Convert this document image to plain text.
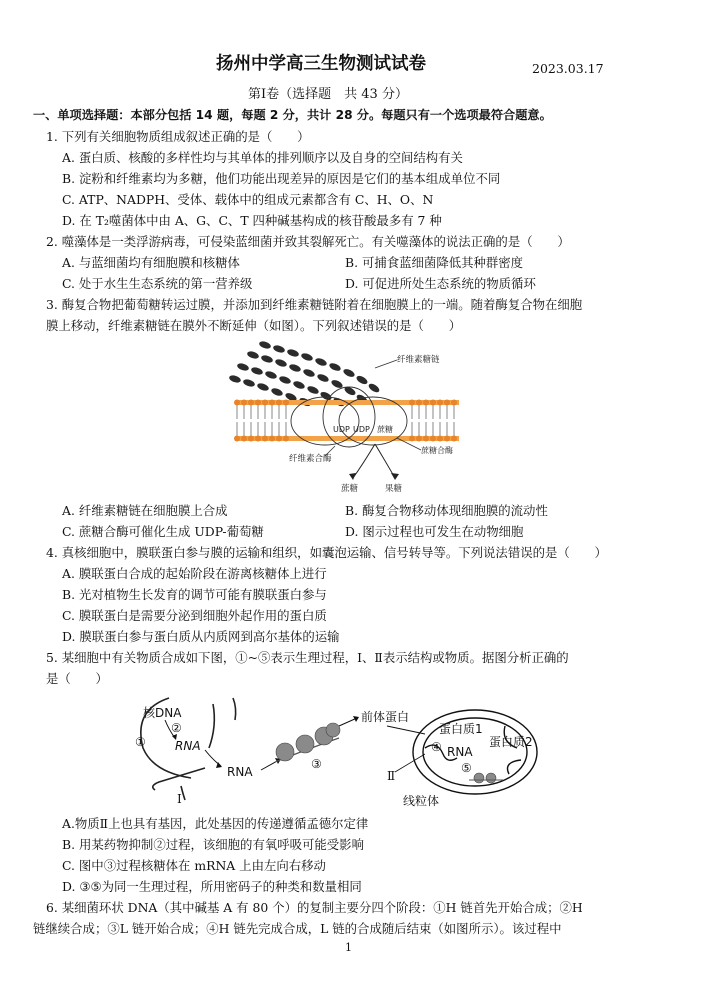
扬州中学高三生物测试试卷	2023.03.17
第Ⅰ卷（选择题　共 43 分）
一、单项选择题：本部分包括 14 题，每题 2 分，共计 28 分。每题只有一个选项最符合题意。
1. 下列有关细胞物质组成叙述正确的是（　　）
A. 蛋白质、核酸的多样性均与其单体的排列顺序以及自身的空间结构有关
B. 淀粉和纤维素均为多糖，他们功能出现差异的原因是它们的基本组成单位不同
C. ATP、NADPH、受体、载体中的组成元素都含有 C、H、O、N
D. 在 T₂噬菌体中由 A、G、C、T 四种碱基构成的核苷酸最多有 7 种
2. 噬藻体是一类浮游病毒，可侵染蓝细菌并致其裂解死亡。有关噬藻体的说法正确的是（　　）
A. 与蓝细菌均有细胞膜和核糖体	B. 可捕食蓝细菌降低其种群密度
C. 处于水生生态系统的第一营养级	D. 可促进所处生态系统的物质循环
3. 酶复合物把葡萄糖转运过膜，并添加到纤维素糖链附着在细胞膜上的一端。随着酶复合物在细胞
膜上移动，纤维素糖链在膜外不断延伸（如图）。下列叙述错误的是（　　）
纤维素糖链
UDP UDP 蔗糖
蔗糖合酶
纤维素合酶
蔗糖	果糖
A. 纤维素糖链在细胞膜上合成	B. 酶复合物移动体现细胞膜的流动性
C. 蔗糖合酶可催化生成 UDP-葡萄糖	D. 图示过程也可发生在动物细胞
4. 真核细胞中，膜联蛋白参与膜的运输和组织，如囊泡运输、信号转导等。下列说法错误的是（　　）
A. 膜联蛋白合成的起始阶段在游离核糖体上进行
B. 光对植物生长发育的调节可能有膜联蛋白参与
C. 膜联蛋白是需要分泌到细胞外起作用的蛋白质
D. 膜联蛋白参与蛋白质从内质网到高尔基体的运输
5. 某细胞中有关物质合成如下图，①~⑤表示生理过程，Ⅰ、Ⅱ表示结构或物质。据图分析正确的
是（　　）
核DNA
①
②
RNA
RNA
Ⅰ
③
前体蛋白
蛋白质1
④ RNA
蛋白质2
⑤
Ⅱ
线粒体
A.物质Ⅱ上也具有基因，此处基因的传递遵循孟德尔定律
B. 用某药物抑制②过程，该细胞的有氧呼吸可能受影响
C. 图中③过程核糖体在 mRNA 上由左向右移动
D. ③⑤为同一生理过程，所用密码子的种类和数量相同
6. 某细菌环状 DNA（其中碱基 A 有 80 个）的复制主要分四个阶段：①H 链首先开始合成；②H
链继续合成；③L 链开始合成；④H 链先完成合成，L 链的合成随后结束（如图所示）。该过程中
1
